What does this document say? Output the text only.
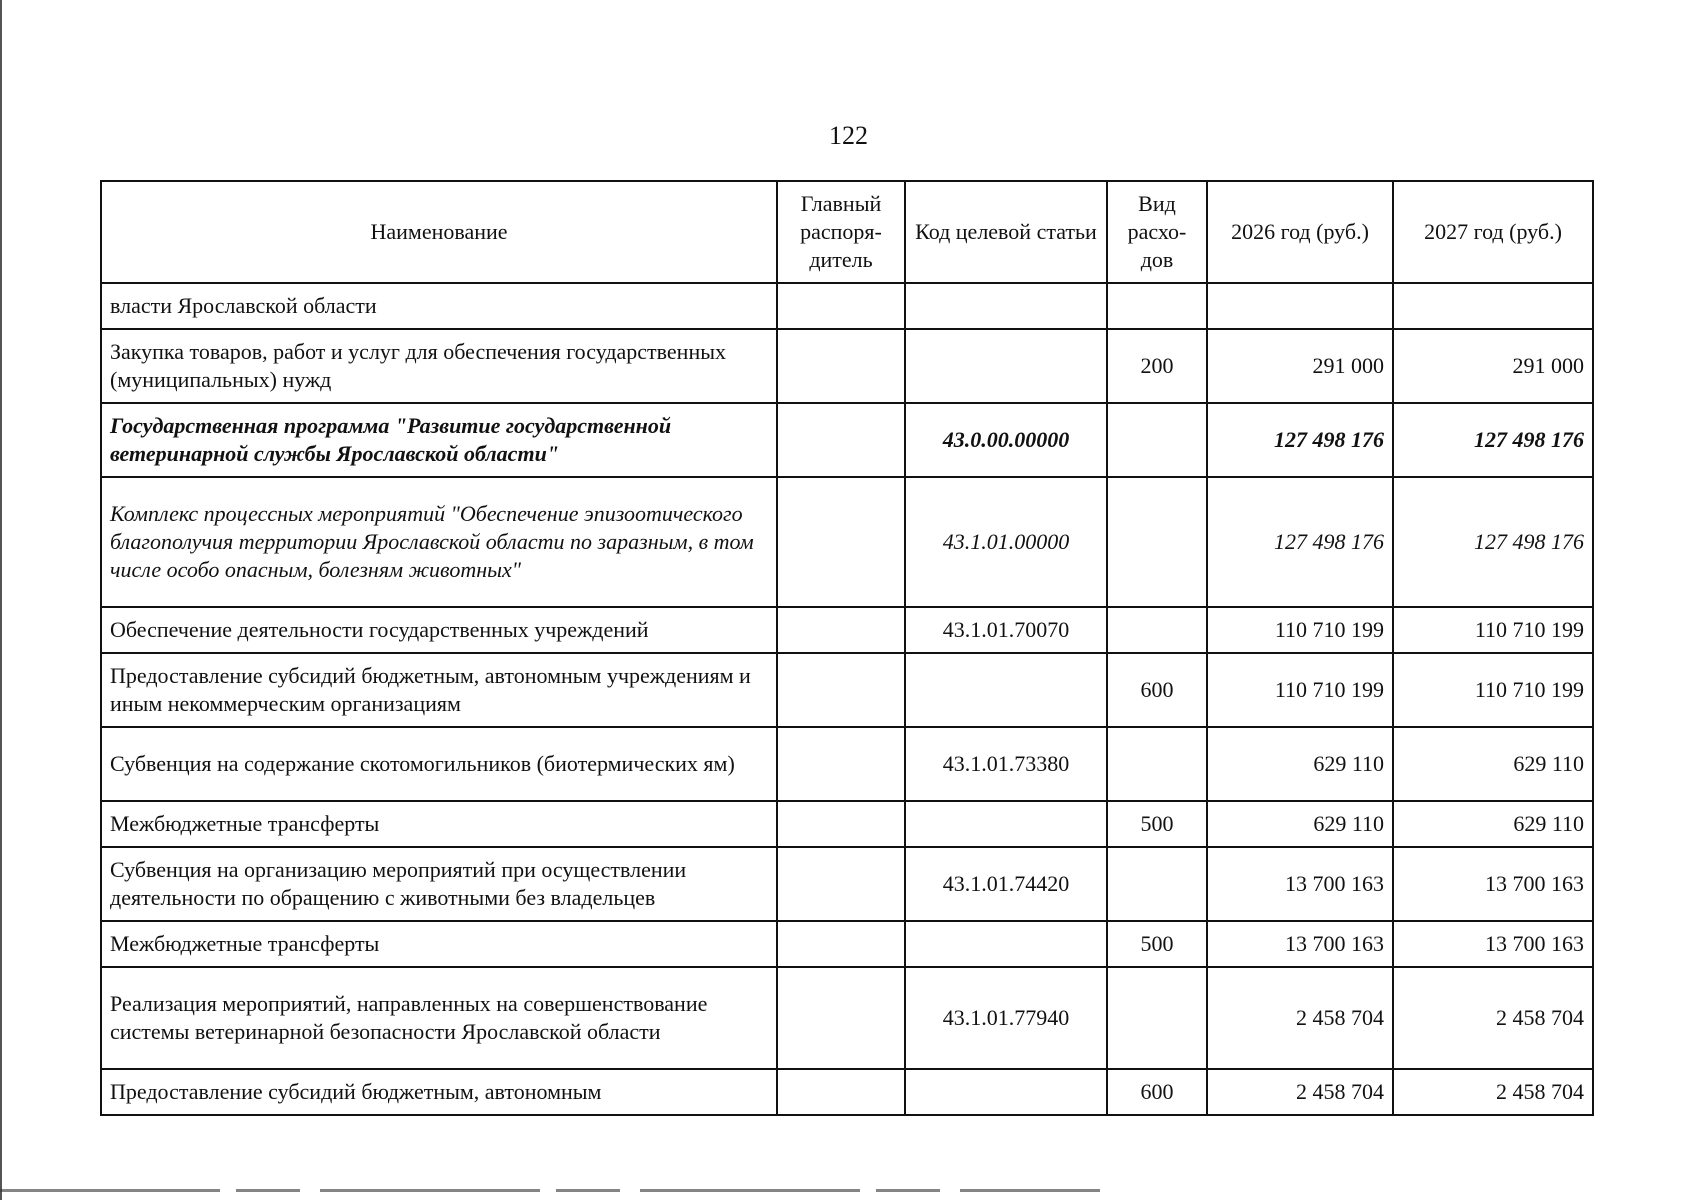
122
Наименование	Главный распоря-дитель	Код целевой статьи	Вид расхо-дов	2026 год (руб.)	2027 год (руб.)
власти Ярославской области					
Закупка товаров, работ и услуг для обеспечения государственных (муниципальных) нужд			200	291 000	291 000
Государственная программа "Развитие государственной ветеринарной службы Ярославской области"		43.0.00.00000		127 498 176	127 498 176
Комплекс процессных мероприятий "Обеспечение эпизоотического благополучия территории Ярославской области по заразным, в том числе особо опасным, болезням животных"		43.1.01.00000		127 498 176	127 498 176
Обеспечение деятельности государственных учреждений		43.1.01.70070		110 710 199	110 710 199
Предоставление субсидий бюджетным, автономным учреждениям и иным некоммерческим организациям			600	110 710 199	110 710 199
Субвенция на содержание скотомогильников (биотермических ям)		43.1.01.73380		629 110	629 110
Межбюджетные трансферты			500	629 110	629 110
Субвенция на организацию мероприятий при осуществлении деятельности по обращению с животными без владельцев		43.1.01.74420		13 700 163	13 700 163
Межбюджетные трансферты			500	13 700 163	13 700 163
Реализация мероприятий, направленных на совершенствование системы ветеринарной безопасности Ярославской области		43.1.01.77940		2 458 704	2 458 704
Предоставление субсидий бюджетным, автономным			600	2 458 704	2 458 704
